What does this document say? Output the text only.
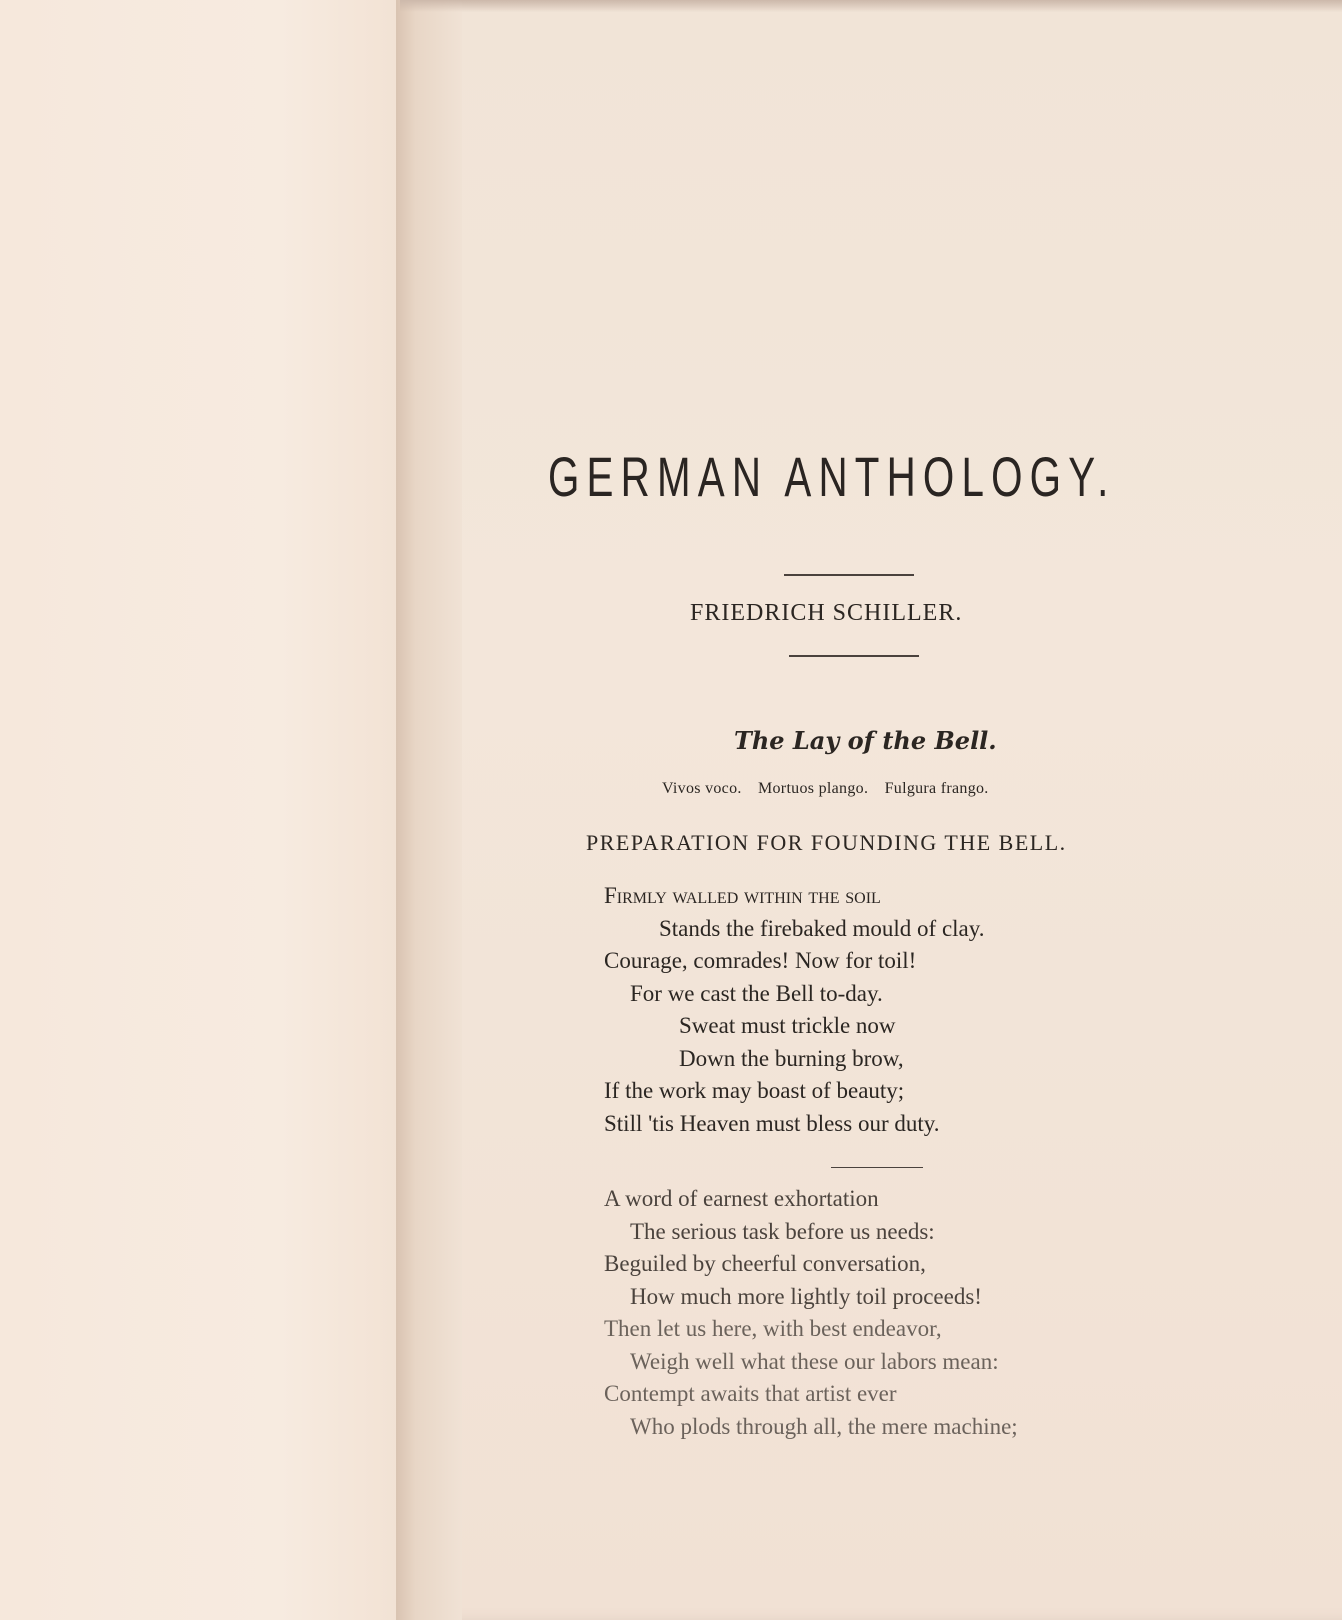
GERMAN ANTHOLOGY.
FRIEDRICH SCHILLER.
The Lay of the Bell.
Vivos voco. Mortuos plango. Fulgura frango.
PREPARATION FOR FOUNDING THE BELL.
Firmly walled within the soil
Stands the firebaked mould of clay.
Courage, comrades! Now for toil!
For we cast the Bell to-day.
Sweat must trickle now
Down the burning brow,
If the work may boast of beauty;
Still 'tis Heaven must bless our duty.
A word of earnest exhortation
The serious task before us needs:
Beguiled by cheerful conversation,
How much more lightly toil proceeds!
Then let us here, with best endeavor,
Weigh well what these our labors mean:
Contempt awaits that artist ever
Who plods through all, the mere machine;
